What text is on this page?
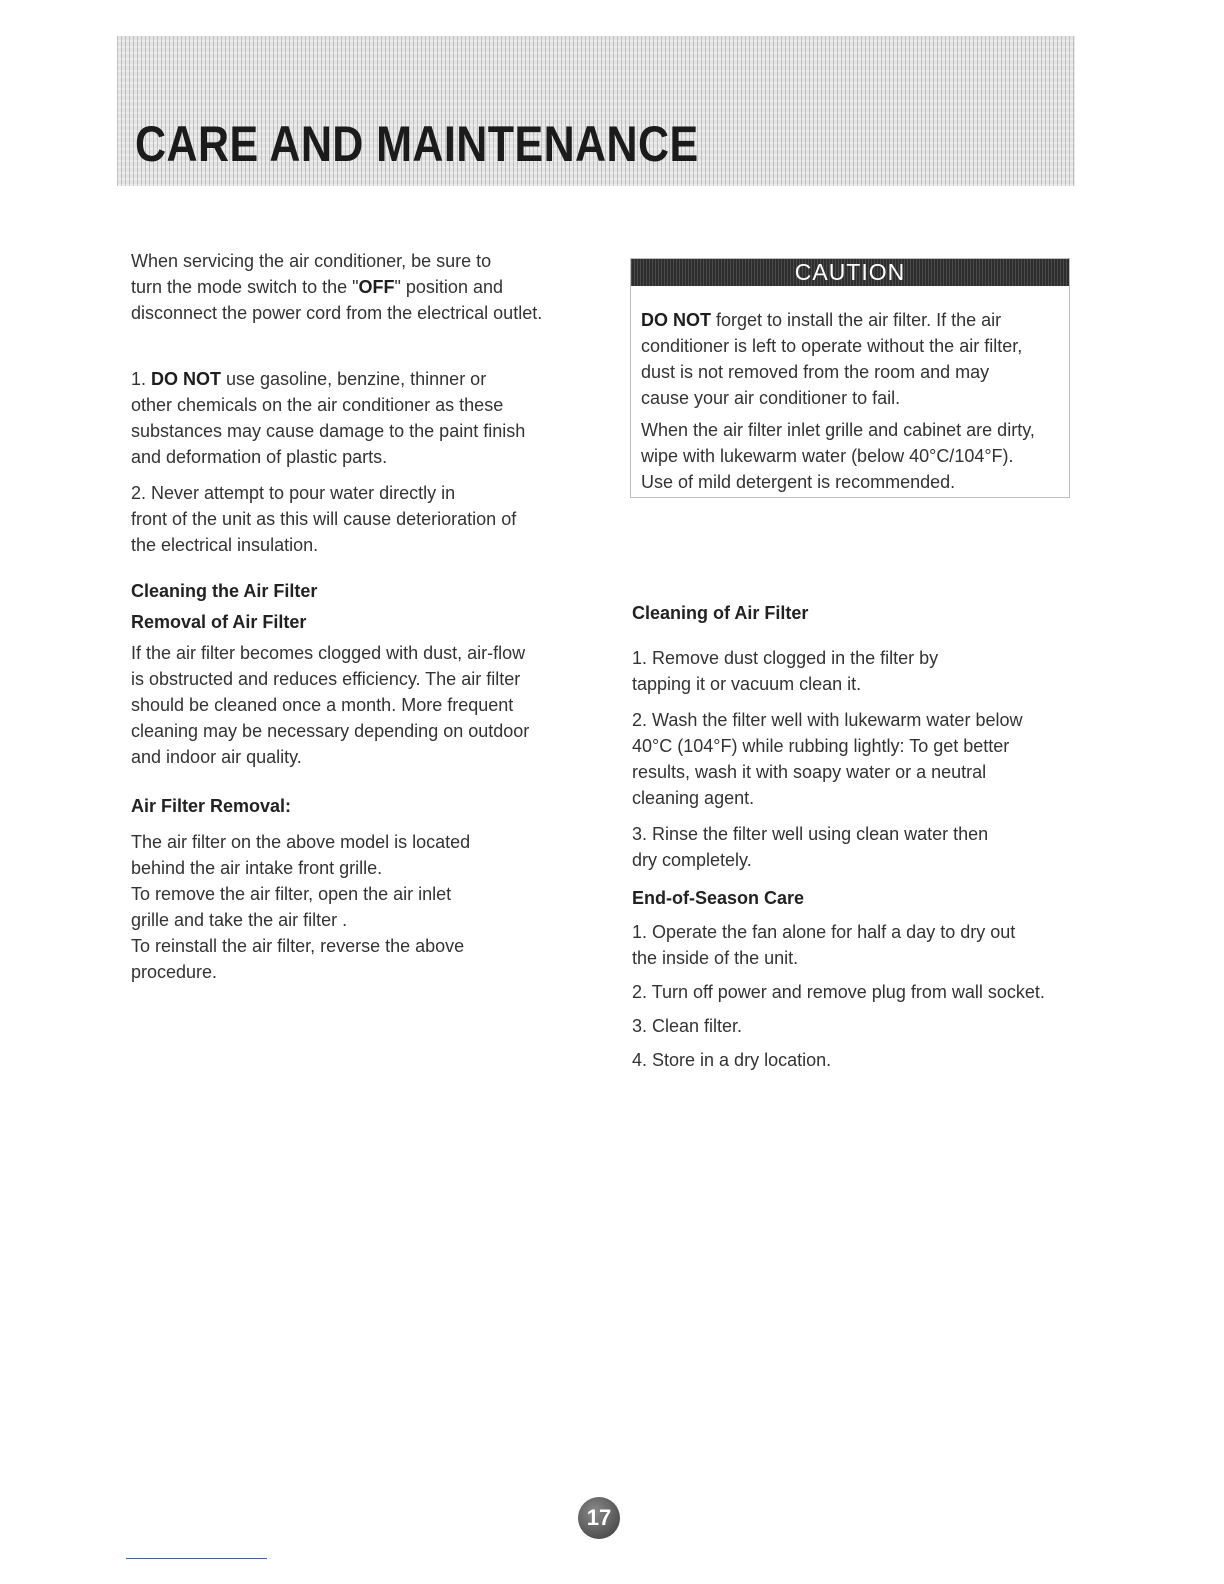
CARE AND MAINTENANCE

When servicing the air conditioner, be sure to
turn the mode switch to the "OFF" position and
disconnect the power cord from the electrical outlet.

1. DO NOT use gasoline, benzine, thinner or
other chemicals on the air conditioner as these
substances may cause damage to the paint finish
and deformation of plastic parts.

2. Never attempt to pour water directly in
front of the unit as this will cause deterioration of
the electrical insulation.

Cleaning the Air Filter

Removal of Air Filter

If the air filter becomes clogged with dust, air-flow
is obstructed and reduces efficiency. The air filter
should be cleaned once a month. More frequent
cleaning may be necessary depending on outdoor
and indoor air quality.

Air Filter Removal:

The air filter on the above model is located
behind the air intake front grille.
To remove the air filter, open the air inlet
grille and take the air filter .
To reinstall the air filter, reverse the above
procedure.

CAUTION

DO NOT forget to install the air filter. If the air
conditioner is left to operate without the air filter,
dust is not removed from the room and may
cause your air conditioner to fail.

When the air filter inlet grille and cabinet are dirty,
wipe with lukewarm water (below 40°C/104°F).
Use of mild detergent is recommended.

Cleaning of Air Filter

1. Remove dust clogged in the filter by
tapping it or vacuum clean it.

2. Wash the filter well with lukewarm water below
40°C (104°F) while rubbing lightly: To get better
results, wash it with soapy water or a neutral
cleaning agent.

3. Rinse the filter well using clean water then
dry completely.

End-of-Season Care

1. Operate the fan alone for half a day to dry out
the inside of the unit.

2. Turn off power and remove plug from wall socket.

3. Clean filter.

4. Store in a dry location.

17
